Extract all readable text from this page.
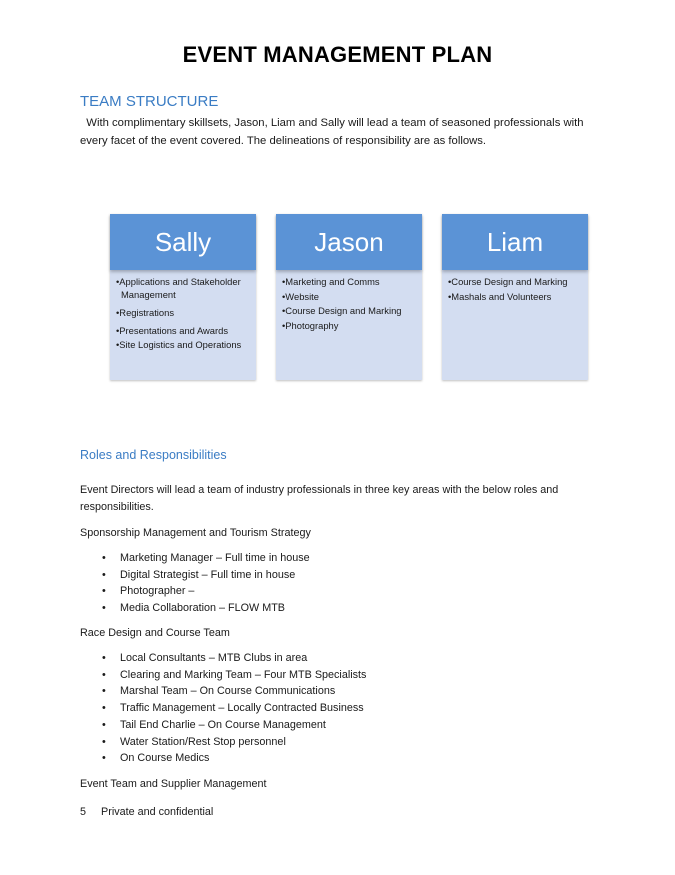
EVENT MANAGEMENT PLAN
TEAM STRUCTURE
With complimentary skillsets, Jason, Liam and Sally will lead a team of seasoned professionals with every facet of the event covered. The delineations of responsibility are as follows.
Sally
• Applications and Stakeholder Management
• Registrations
• Presentations and Awards
• Site Logistics and Operations
Jason
• Marketing and Comms
• Website
• Course Design and Marking
• Photography
Liam
• Course Design and Marking
• Mashals and Volunteers
Roles and Responsibilities
Event Directors will lead a team of industry professionals in three key areas with the below roles and responsibilities.
Sponsorship Management and Tourism Strategy
• Marketing Manager – Full time in house
• Digital Strategist – Full time in house
• Photographer –
• Media Collaboration – FLOW MTB
Race Design and Course Team
• Local Consultants – MTB Clubs in area
• Clearing and Marking Team – Four MTB Specialists
• Marshal Team – On Course Communications
• Traffic Management – Locally Contracted Business
• Tail End Charlie – On Course Management
• Water Station/Rest Stop personnel
• On Course Medics
Event Team and Supplier Management
5 Private and confidential
